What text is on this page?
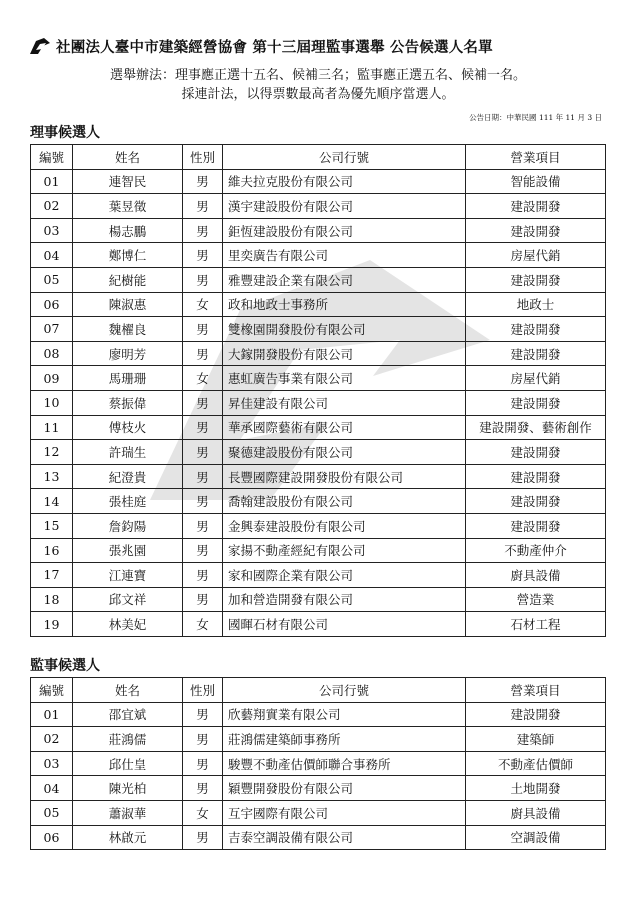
社團法人臺中市建築經營協會 第十三屆理監事選舉 公告候選人名單
選舉辦法：理事應正選十五名、候補三名；監事應正選五名、候補一名。
採連計法，以得票數最高者為優先順序當選人。
公告日期：中華民國 111 年 11 月 3 日
理事候選人
編號	姓名	性別	公司行號	營業項目
01	連智民	男	維夫拉克股份有限公司	智能設備
02	葉昱徵	男	漢宇建設股份有限公司	建設開發
03	楊志鵬	男	鉅恆建設股份有限公司	建設開發
04	鄭博仁	男	里奕廣告有限公司	房屋代銷
05	紀樹能	男	雅豐建設企業有限公司	建設開發
06	陳淑惠	女	政和地政士事務所	地政士
07	魏櫂良	男	雙橡園開發股份有限公司	建設開發
08	廖明芳	男	大鎵開發股份有限公司	建設開發
09	馬珊珊	女	惠虹廣告事業有限公司	房屋代銷
10	蔡振偉	男	昇佳建設有限公司	建設開發
11	傅枝火	男	華承國際藝術有限公司	建設開發、藝術創作
12	許瑞生	男	聚德建設股份有限公司	建設開發
13	紀澄貴	男	長豐國際建設開發股份有限公司	建設開發
14	張桂庭	男	喬翰建設股份有限公司	建設開發
15	詹鈞陽	男	金興泰建設股份有限公司	建設開發
16	張兆園	男	家揚不動產經紀有限公司	不動產仲介
17	江連寶	男	家和國際企業有限公司	廚具設備
18	邱文祥	男	加和營造開發有限公司	營造業
19	林美妃	女	國暉石材有限公司	石材工程
監事候選人
編號	姓名	性別	公司行號	營業項目
01	邵宜斌	男	欣藝翔實業有限公司	建設開發
02	莊鴻儒	男	莊鴻儒建築師事務所	建築師
03	邱仕皇	男	駿豐不動產估價師聯合事務所	不動產估價師
04	陳光柏	男	穎豐開發股份有限公司	土地開發
05	蕭淑華	女	互宇國際有限公司	廚具設備
06	林啟元	男	吉泰空調設備有限公司	空調設備
